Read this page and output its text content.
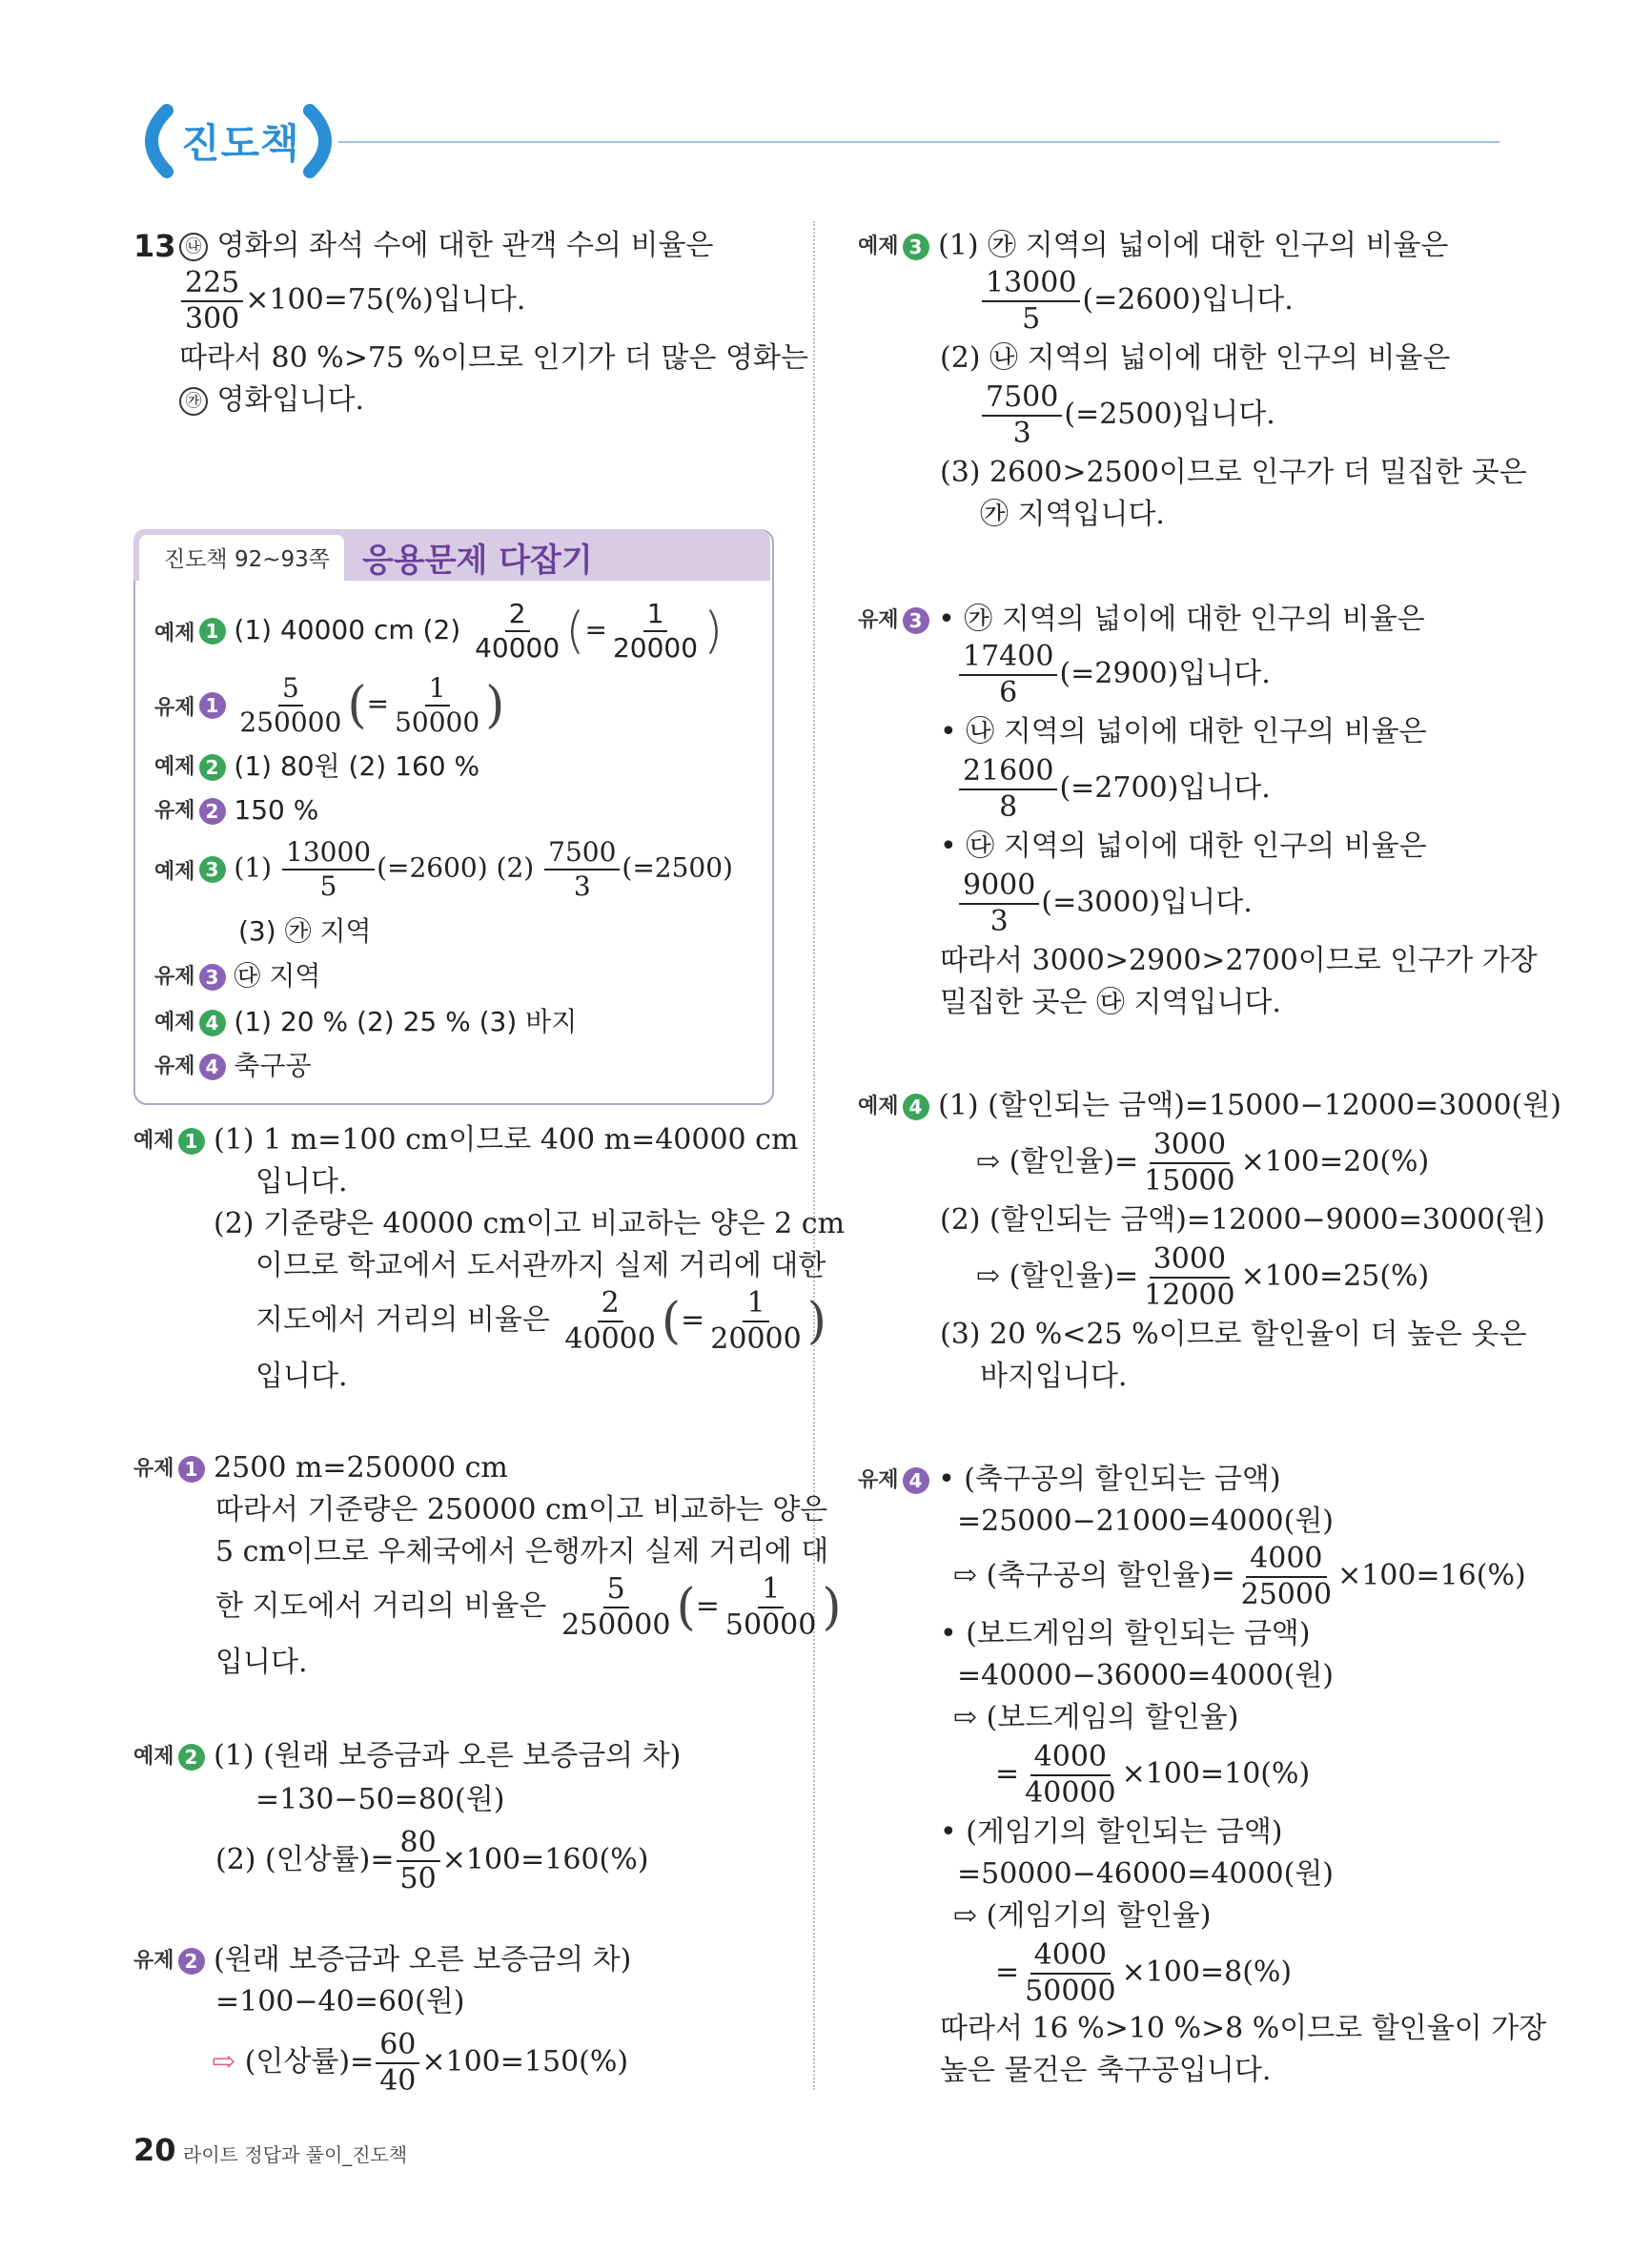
진도책
13 ㉯ 영화의 좌석 수에 대한 관객 수의 비율은
$\frac{225}{300} \times 100=75(\%)$입니다.
따라서 80 %>75 %이므로 인기가 더 많은 영화는
㉮ 영화입니다.
진도책 92~93쪽 응용문제 다잡기
예제 1 (1) 40000 cm $(2) \frac{2}{40000}$ (= $\frac{1}{20000}$ )
유제 1
$\frac{5}{250000}$ (= $\frac{1}{50000}$ )
예제 2 (1) 80원 (2) 160 %
유제 2 150 %
예제 3 $(1) \frac{13000}{5} (=2600)$ $(2) \frac{7500}{3} (=2500)$
(3) ㉮ 지역
유제 3 ㉰ 지역
예제 4 (1) 20 % (2) 25 % (3) 바지
유제 4 축구공
예제 1 (1) 1 m=100 cm이므로 400 m=40000 cm
입니다.
(2) 기준량은 40000 cm이고 비교하는 양은 2 cm
이므로 학교에서 도서관까지 실제 거리에 대한
지도에서 거리의 비율은 $\frac{2}{40000}$ (= $\frac{1}{20000}$ )
입니다.
유제 1 2500 m=250000 cm
따라서 기준량은 250000 cm이고 비교하는 양은
5 cm이므로 우체국에서 은행까지 실제 거리에 대
한 지도에서 거리의 비율은 $\frac{5}{250000}$ (= $\frac{1}{50000}$ )
입니다.
예제 2 (1) (원래 보증금과 오른 보증금의 차)
=130−50=80(원)
(2) (인상률)= $\frac{80}{50} \times 100=160(\%)$
유제 2 (원래 보증금과 오른 보증금의 차)
=100−40=60(원)
⇨ (인상률)= $\frac{60}{40} \times 100=150(\%)$
예제 3 (1) ㉮ 지역의 넓이에 대한 인구의 비율은
$\frac{13000}{5} (=2600)$입니다.
(2) ㉯ 지역의 넓이에 대한 인구의 비율은
$\frac{7500}{3} (=2500)$입니다.
(3) 2600>2500이므로 인구가 더 밀집한 곳은
㉮ 지역입니다.
유제 3 • ㉮ 지역의 넓이에 대한 인구의 비율은
$\frac{17400}{6} (=2900)$입니다.
• ㉯ 지역의 넓이에 대한 인구의 비율은
$\frac{21600}{8} (=2700)$입니다.
• ㉰ 지역의 넓이에 대한 인구의 비율은
$\frac{9000}{3} (=3000)$입니다.
따라서 3000>2900>2700이므로 인구가 가장
밀집한 곳은 ㉰ 지역입니다.
예제 4 (1) (할인되는 금액)=15000−12000=3000(원)
⇨ (할인율)= $\frac{3000}{15000} \times 100=20(\%)$
(2) (할인되는 금액)=12000−9000=3000(원)
⇨ (할인율)= $\frac{3000}{12000} \times 100=25(\%)$
(3) 20 %<25 %이므로 할인율이 더 높은 옷은
바지입니다.
유제 4 • (축구공의 할인되는 금액)
=25000−21000=4000(원)
⇨ (축구공의 할인율)= $\frac{4000}{25000} \times 100=16(\%)$
• (보드게임의 할인되는 금액)
=40000−36000=4000(원)
⇨ (보드게임의 할인율)
= $\frac{4000}{40000} \times 100=10(\%)$
• (게임기의 할인되는 금액)
=50000−46000=4000(원)
⇨ (게임기의 할인율)
= $\frac{4000}{50000} \times 100=8(\%)$
따라서 16 %>10 %>8 %이므로 할인율이 가장
높은 물건은 축구공입니다.
20 라이트 정답과 풀이_진도책
